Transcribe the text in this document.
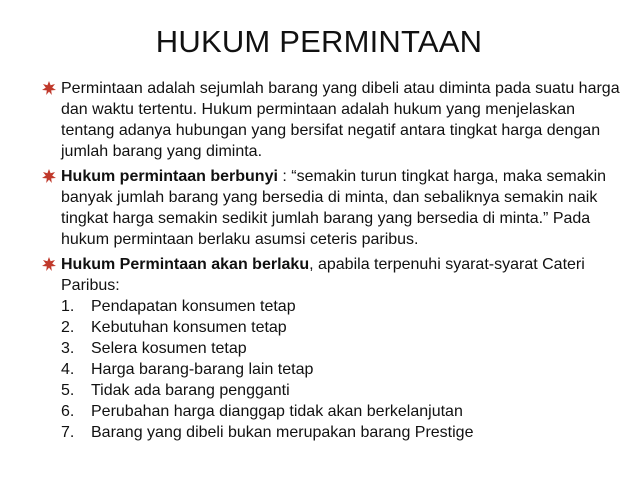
HUKUM PERMINTAAN
Permintaan adalah sejumlah barang yang dibeli atau diminta pada suatu harga dan waktu tertentu. Hukum permintaan adalah hukum yang menjelaskan tentang adanya hubungan yang bersifat negatif antara tingkat harga dengan jumlah barang yang diminta.
Hukum permintaan berbunyi : “semakin turun tingkat harga, maka semakin banyak jumlah barang yang bersedia di minta, dan sebaliknya semakin naik tingkat harga semakin sedikit jumlah barang yang bersedia di minta.” Pada hukum permintaan berlaku asumsi ceteris paribus.
Hukum Permintaan akan berlaku, apabila terpenuhi syarat-syarat Cateri Paribus:
1. Pendapatan konsumen tetap
2. Kebutuhan konsumen tetap
3. Selera kosumen tetap
4. Harga barang-barang lain tetap
5. Tidak ada barang pengganti
6. Perubahan harga dianggap tidak akan berkelanjutan
7. Barang yang dibeli bukan merupakan barang Prestige
